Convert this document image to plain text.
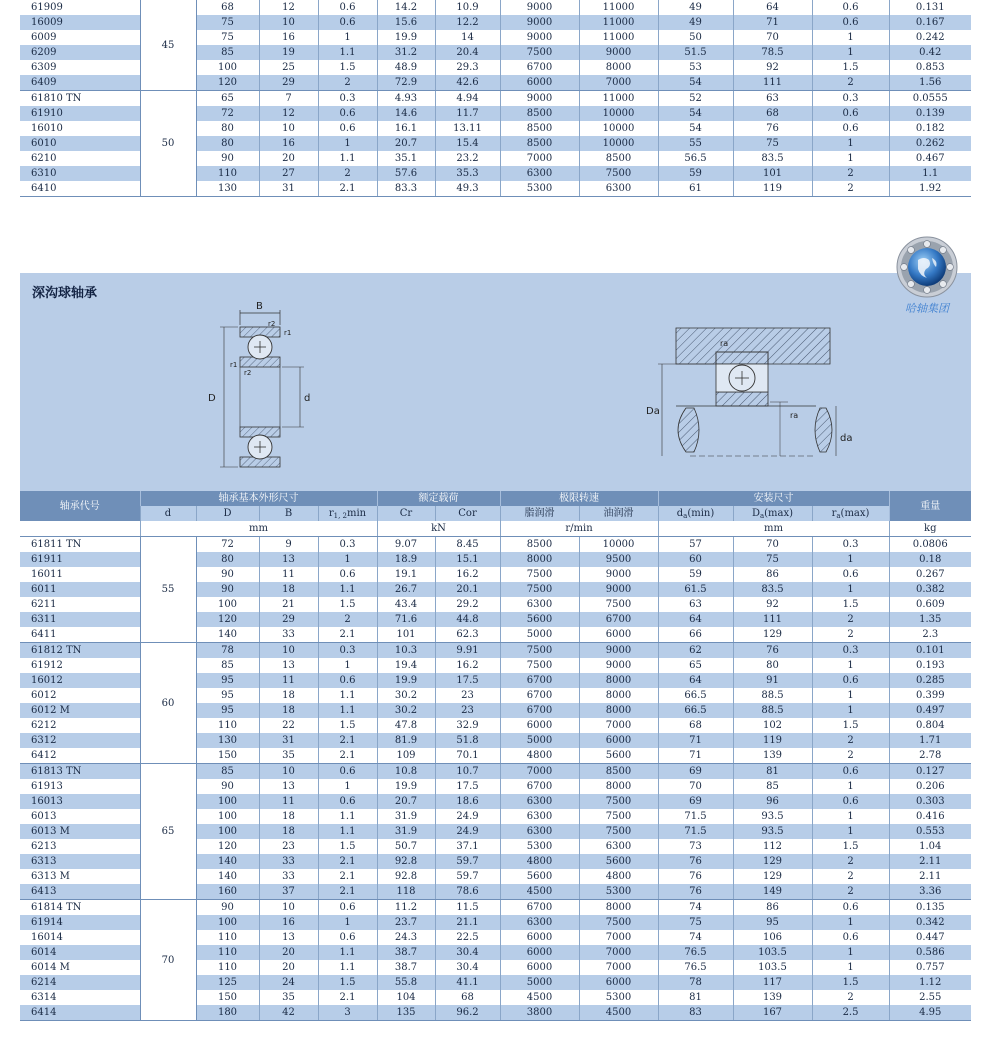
61909	45	68	12	0.6	14.2	10.9	9000	11000	49	64	0.6	0.131
16009		75	10	0.6	15.6	12.2	9000	11000	49	71	0.6	0.167
6009		75	16	1	19.9	14	9000	11000	50	70	1	0.242
6209		85	19	1.1	31.2	20.4	7500	9000	51.5	78.5	1	0.42
6309		100	25	1.5	48.9	29.3	6700	8000	53	92	1.5	0.853
6409		120	29	2	72.9	42.6	6000	7000	54	111	2	1.56
61810 TN	50	65	7	0.3	4.93	4.94	9000	11000	52	63	0.3	0.0555
61910		72	12	0.6	14.6	11.7	8500	10000	54	68	0.6	0.139
16010		80	10	0.6	16.1	13.11	8500	10000	54	76	0.6	0.182
6010		80	16	1	20.7	15.4	8500	10000	55	75	1	0.262
6210		90	20	1.1	35.1	23.2	7000	8500	56.5	83.5	1	0.467
6310		110	27	2	57.6	35.3	6300	7500	59	101	2	1.1
6410		130	31	2.1	83.3	49.3	5300	6300	61	119	2	1.92
深沟球轴承
B
D	d
r2
r1
r1
r2
Da
da
ra
ra
哈轴集团
轴承代号	轴承基本外形尺寸				额定载荷		极限转速		安装尺寸			重量
	d	D	B	$r_{1, 2}\min$	Cr	Cor	脂润滑	油润滑	$d_a(\min)$	$D_a(\max)$	$r_a(\max)$	
	mm				kN		r/min		mm			kg
61811 TN	55	72	9	0.3	9.07	8.45	8500	10000	57	70	0.3	0.0806
61911		80	13	1	18.9	15.1	8000	9500	60	75	1	0.18
16011		90	11	0.6	19.1	16.2	7500	9000	59	86	0.6	0.267
6011		90	18	1.1	26.7	20.1	7500	9000	61.5	83.5	1	0.382
6211		100	21	1.5	43.4	29.2	6300	7500	63	92	1.5	0.609
6311		120	29	2	71.6	44.8	5600	6700	64	111	2	1.35
6411		140	33	2.1	101	62.3	5000	6000	66	129	2	2.3
61812 TN	60	78	10	0.3	10.3	9.91	7500	9000	62	76	0.3	0.101
61912		85	13	1	19.4	16.2	7500	9000	65	80	1	0.193
16012		95	11	0.6	19.9	17.5	6700	8000	64	91	0.6	0.285
6012		95	18	1.1	30.2	23	6700	8000	66.5	88.5	1	0.399
6012 M		95	18	1.1	30.2	23	6700	8000	66.5	88.5	1	0.497
6212		110	22	1.5	47.8	32.9	6000	7000	68	102	1.5	0.804
6312		130	31	2.1	81.9	51.8	5000	6000	71	119	2	1.71
6412		150	35	2.1	109	70.1	4800	5600	71	139	2	2.78
61813 TN	65	85	10	0.6	10.8	10.7	7000	8500	69	81	0.6	0.127
61913		90	13	1	19.9	17.5	6700	8000	70	85	1	0.206
16013		100	11	0.6	20.7	18.6	6300	7500	69	96	0.6	0.303
6013		100	18	1.1	31.9	24.9	6300	7500	71.5	93.5	1	0.416
6013 M		100	18	1.1	31.9	24.9	6300	7500	71.5	93.5	1	0.553
6213		120	23	1.5	50.7	37.1	5300	6300	73	112	1.5	1.04
6313		140	33	2.1	92.8	59.7	4800	5600	76	129	2	2.11
6313 M		140	33	2.1	92.8	59.7	5600	4800	76	129	2	2.11
6413		160	37	2.1	118	78.6	4500	5300	76	149	2	3.36
61814 TN	70	90	10	0.6	11.2	11.5	6700	8000	74	86	0.6	0.135
61914		100	16	1	23.7	21.1	6300	7500	75	95	1	0.342
16014		110	13	0.6	24.3	22.5	6000	7000	74	106	0.6	0.447
6014		110	20	1.1	38.7	30.4	6000	7000	76.5	103.5	1	0.586
6014 M		110	20	1.1	38.7	30.4	6000	7000	76.5	103.5	1	0.757
6214		125	24	1.5	55.8	41.1	5000	6000	78	117	1.5	1.12
6314		150	35	2.1	104	68	4500	5300	81	139	2	2.55
6414		180	42	3	135	96.2	3800	4500	83	167	2.5	4.95
